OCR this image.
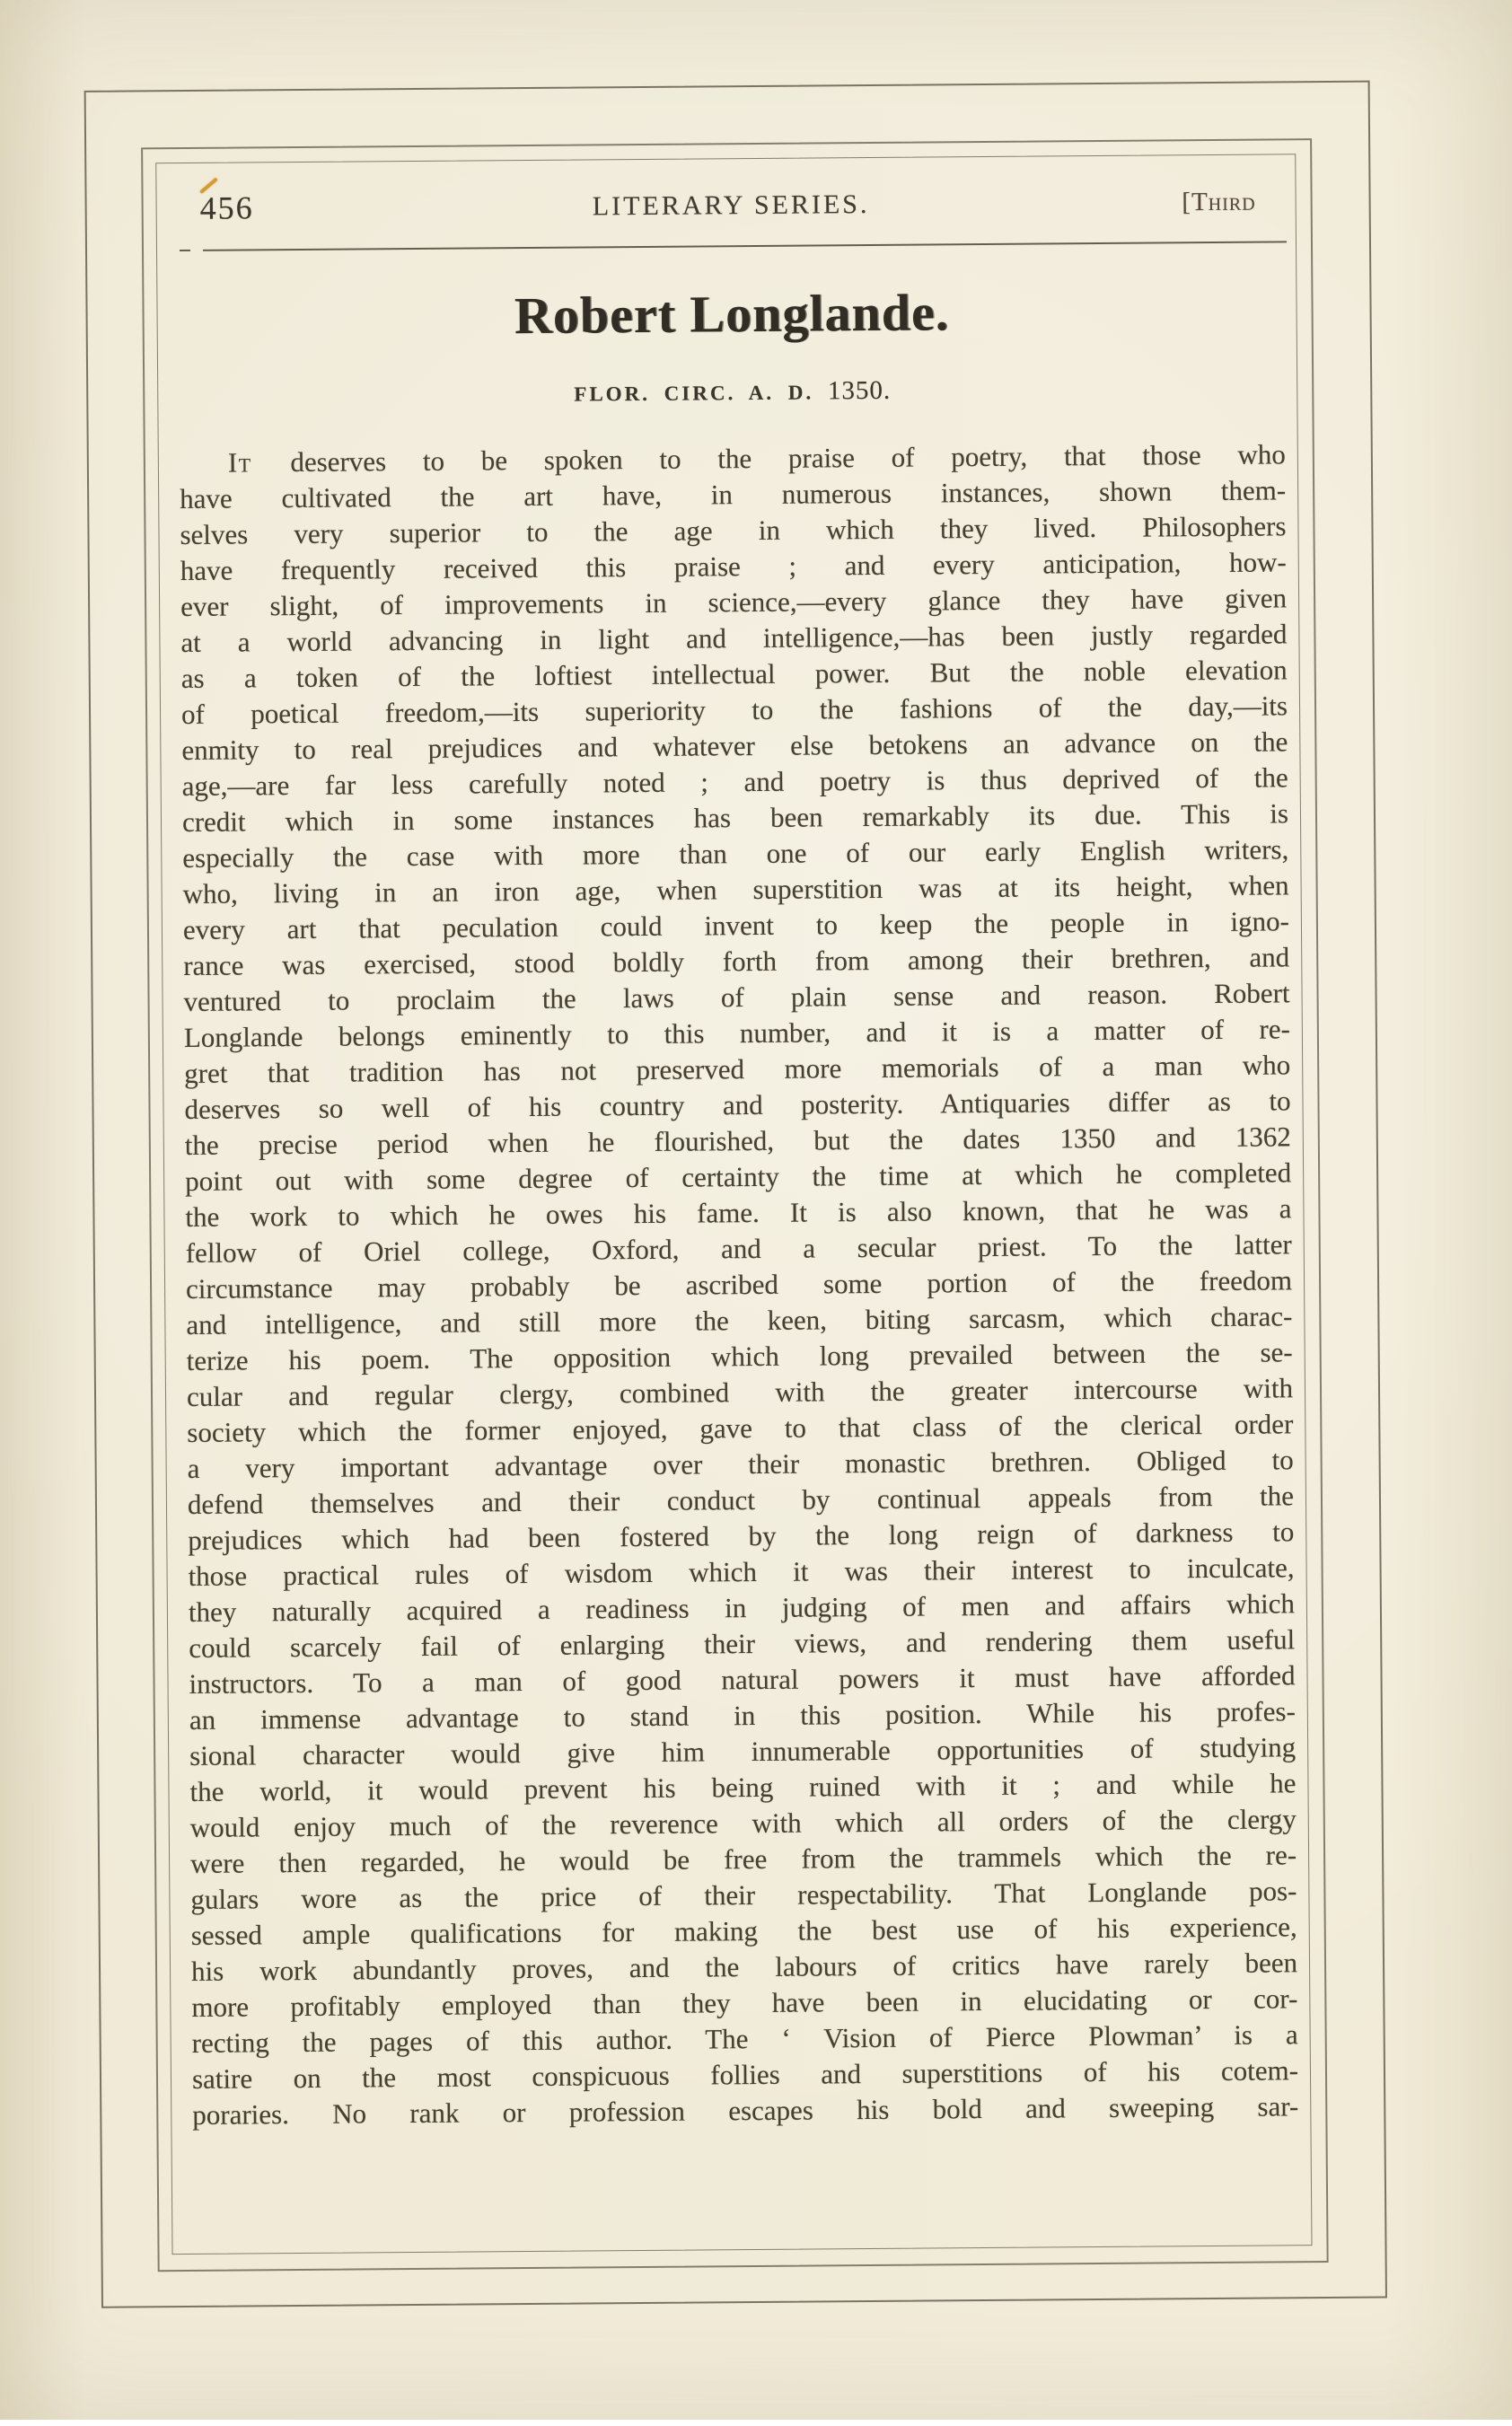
456	LITERARY SERIES.	[Third
Robert Longlande.
FLOR. CIRC. A. D. 1350.
It deserves to be spoken to the praise of poetry, that those who
have cultivated the art have, in numerous instances, shown them-
selves very superior to the age in which they lived. Philosophers
have frequently received this praise ; and every anticipation, how-
ever slight, of improvements in science,—every glance they have given
at a world advancing in light and intelligence,—has been justly regarded
as a token of the loftiest intellectual power. But the noble elevation
of poetical freedom,—its superiority to the fashions of the day,—its
enmity to real prejudices and whatever else betokens an advance on the
age,—are far less carefully noted ; and poetry is thus deprived of the
credit which in some instances has been remarkably its due. This is
especially the case with more than one of our early English writers,
who, living in an iron age, when superstition was at its height, when
every art that peculation could invent to keep the people in igno-
rance was exercised, stood boldly forth from among their brethren, and
ventured to proclaim the laws of plain sense and reason. Robert
Longlande belongs eminently to this number, and it is a matter of re-
gret that tradition has not preserved more memorials of a man who
deserves so well of his country and posterity. Antiquaries differ as to
the precise period when he flourished, but the dates 1350 and 1362
point out with some degree of certainty the time at which he completed
the work to which he owes his fame. It is also known, that he was a
fellow of Oriel college, Oxford, and a secular priest. To the latter
circumstance may probably be ascribed some portion of the freedom
and intelligence, and still more the keen, biting sarcasm, which charac-
terize his poem. The opposition which long prevailed between the se-
cular and regular clergy, combined with the greater intercourse with
society which the former enjoyed, gave to that class of the clerical order
a very important advantage over their monastic brethren. Obliged to
defend themselves and their conduct by continual appeals from the
prejudices which had been fostered by the long reign of darkness to
those practical rules of wisdom which it was their interest to inculcate,
they naturally acquired a readiness in judging of men and affairs which
could scarcely fail of enlarging their views, and rendering them useful
instructors. To a man of good natural powers it must have afforded
an immense advantage to stand in this position. While his profes-
sional character would give him innumerable opportunities of studying
the world, it would prevent his being ruined with it ; and while he
would enjoy much of the reverence with which all orders of the clergy
were then regarded, he would be free from the trammels which the re-
gulars wore as the price of their respectability. That Longlande pos-
sessed ample qualifications for making the best use of his experience,
his work abundantly proves, and the labours of critics have rarely been
more profitably employed than they have been in elucidating or cor-
recting the pages of this author. The ‘ Vision of Pierce Plowman’ is a
satire on the most conspicuous follies and superstitions of his cotem-
poraries. No rank or profession escapes his bold and sweeping sar-
